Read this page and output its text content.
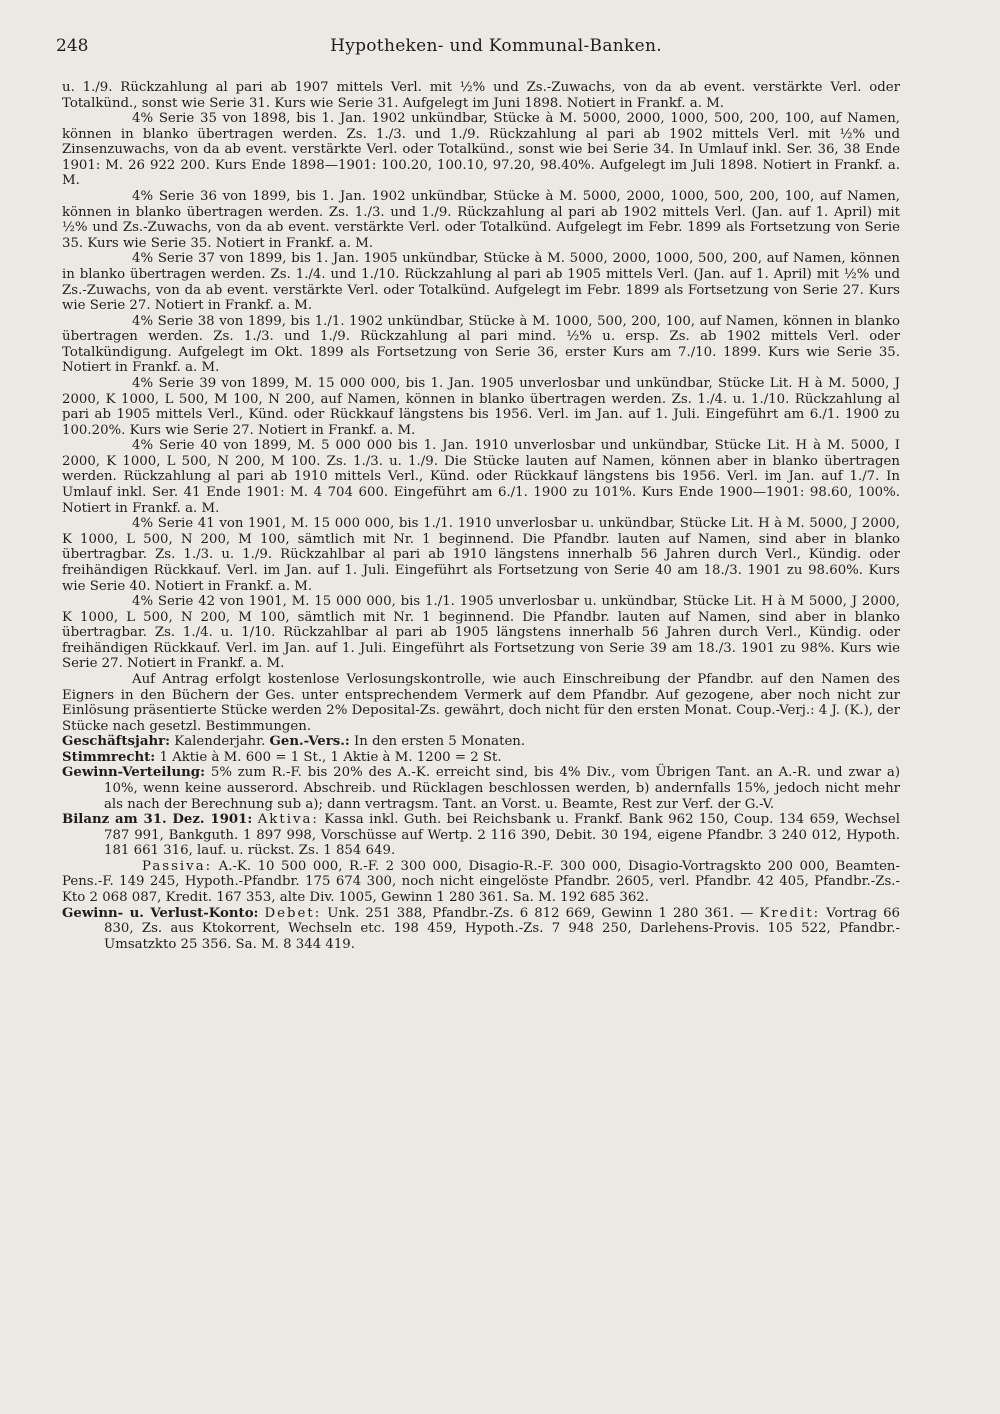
248	Hypotheken- und Kommunal-Banken.

u. 1./9. Rückzahlung al pari ab 1907 mittels Verl. mit ½% und Zs.-Zuwachs, von da ab event. verstärkte Verl. oder Totalkünd., sonst wie Serie 31. Kurs wie Serie 31. Aufgelegt im Juni 1898. Notiert in Frankf. a. M.

4% Serie 35 von 1898, bis 1. Jan. 1902 unkündbar, Stücke à M. 5000, 2000, 1000, 500, 200, 100, auf Namen, können in blanko übertragen werden. Zs. 1./3. und 1./9. Rückzahlung al pari ab 1902 mittels Verl. mit ½% und Zinsenzuwachs, von da ab event. verstärkte Verl. oder Totalkünd., sonst wie bei Serie 34. In Umlauf inkl. Ser. 36, 38 Ende 1901: M. 26 922 200. Kurs Ende 1898—1901: 100.20, 100.10, 97.20, 98.40%. Aufgelegt im Juli 1898. Notiert in Frankf. a. M.

4% Serie 36 von 1899, bis 1. Jan. 1902 unkündbar, Stücke à M. 5000, 2000, 1000, 500, 200, 100, auf Namen, können in blanko übertragen werden. Zs. 1./3. und 1./9. Rückzahlung al pari ab 1902 mittels Verl. (Jan. auf 1. April) mit ½% und Zs.-Zuwachs, von da ab event. verstärkte Verl. oder Totalkünd. Aufgelegt im Febr. 1899 als Fortsetzung von Serie 35. Kurs wie Serie 35. Notiert in Frankf. a. M.

4% Serie 37 von 1899, bis 1. Jan. 1905 unkündbar, Stücke à M. 5000, 2000, 1000, 500, 200, auf Namen, können in blanko übertragen werden. Zs. 1./4. und 1./10. Rückzahlung al pari ab 1905 mittels Verl. (Jan. auf 1. April) mit ½% und Zs.-Zuwachs, von da ab event. verstärkte Verl. oder Totalkünd. Aufgelegt im Febr. 1899 als Fortsetzung von Serie 27. Kurs wie Serie 27. Notiert in Frankf. a. M.

4% Serie 38 von 1899, bis 1./1. 1902 unkündbar, Stücke à M. 1000, 500, 200, 100, auf Namen, können in blanko übertragen werden. Zs. 1./3. und 1./9. Rückzahlung al pari mind. ½% u. ersp. Zs. ab 1902 mittels Verl. oder Totalkündigung. Aufgelegt im Okt. 1899 als Fortsetzung von Serie 36, erster Kurs am 7./10. 1899. Kurs wie Serie 35. Notiert in Frankf. a. M.

4% Serie 39 von 1899, M. 15 000 000, bis 1. Jan. 1905 unverlosbar und unkündbar, Stücke Lit. H à M. 5000, J 2000, K 1000, L 500, M 100, N 200, auf Namen, können in blanko übertragen werden. Zs. 1./4. u. 1./10. Rückzahlung al pari ab 1905 mittels Verl., Künd. oder Rückkauf längstens bis 1956. Verl. im Jan. auf 1. Juli. Eingeführt am 6./1. 1900 zu 100.20%. Kurs wie Serie 27. Notiert in Frankf. a. M.

4% Serie 40 von 1899, M. 5 000 000 bis 1. Jan. 1910 unverlosbar und unkündbar, Stücke Lit. H à M. 5000, I 2000, K 1000, L 500, N 200, M 100. Zs. 1./3. u. 1./9. Die Stücke lauten auf Namen, können aber in blanko übertragen werden. Rückzahlung al pari ab 1910 mittels Verl., Künd. oder Rückkauf längstens bis 1956. Verl. im Jan. auf 1./7. In Umlauf inkl. Ser. 41 Ende 1901: M. 4 704 600. Eingeführt am 6./1. 1900 zu 101%. Kurs Ende 1900—1901: 98.60, 100%. Notiert in Frankf. a. M.

4% Serie 41 von 1901, M. 15 000 000, bis 1./1. 1910 unverlosbar u. unkündbar, Stücke Lit. H à M. 5000, J 2000, K 1000, L 500, N 200, M 100, sämtlich mit Nr. 1 beginnend. Die Pfandbr. lauten auf Namen, sind aber in blanko übertragbar. Zs. 1./3. u. 1./9. Rückzahlbar al pari ab 1910 längstens innerhalb 56 Jahren durch Verl., Kündig. oder freihändigen Rückkauf. Verl. im Jan. auf 1. Juli. Eingeführt als Fortsetzung von Serie 40 am 18./3. 1901 zu 98.60%. Kurs wie Serie 40. Notiert in Frankf. a. M.

4% Serie 42 von 1901, M. 15 000 000, bis 1./1. 1905 unverlosbar u. unkündbar, Stücke Lit. H à M 5000, J 2000, K 1000, L 500, N 200, M 100, sämtlich mit Nr. 1 beginnend. Die Pfandbr. lauten auf Namen, sind aber in blanko übertragbar. Zs. 1./4. u. 1/10. Rückzahlbar al pari ab 1905 längstens innerhalb 56 Jahren durch Verl., Kündig. oder freihändigen Rückkauf. Verl. im Jan. auf 1. Juli. Eingeführt als Fortsetzung von Serie 39 am 18./3. 1901 zu 98%. Kurs wie Serie 27. Notiert in Frankf. a. M.

Auf Antrag erfolgt kostenlose Verlosungskontrolle, wie auch Einschreibung der Pfandbr. auf den Namen des Eigners in den Büchern der Ges. unter entsprechendem Vermerk auf dem Pfandbr. Auf gezogene, aber noch nicht zur Einlösung präsentierte Stücke werden 2% Deposital-Zs. gewährt, doch nicht für den ersten Monat. Coup.-Verj.: 4 J. (K.), der Stücke nach gesetzl. Bestimmungen.

Geschäftsjahr: Kalenderjahr. Gen.-Vers.: In den ersten 5 Monaten.

Stimmrecht: 1 Aktie à M. 600 = 1 St., 1 Aktie à M. 1200 = 2 St.

Gewinn-Verteilung: 5% zum R.-F. bis 20% des A.-K. erreicht sind, bis 4% Div., vom Übrigen Tant. an A.-R. und zwar a) 10%, wenn keine ausserord. Abschreib. und Rücklagen beschlossen werden, b) andernfalls 15%, jedoch nicht mehr als nach der Berechnung sub a); dann vertragsm. Tant. an Vorst. u. Beamte, Rest zur Verf. der G.-V.

Bilanz am 31. Dez. 1901: Aktiva: Kassa inkl. Guth. bei Reichsbank u. Frankf. Bank 962 150, Coup. 134 659, Wechsel 787 991, Bankguth. 1 897 998, Vorschüsse auf Wertp. 2 116 390, Debit. 30 194, eigene Pfandbr. 3 240 012, Hypoth. 181 661 316, lauf. u. rückst. Zs. 1 854 649.

Passiva: A.-K. 10 500 000, R.-F. 2 300 000, Disagio-R.-F. 300 000, Disagio-Vortragskto 200 000, Beamten-Pens.-F. 149 245, Hypoth.-Pfandbr. 175 674 300, noch nicht eingelöste Pfandbr. 2605, verl. Pfandbr. 42 405, Pfandbr.-Zs.-Kto 2 068 087, Kredit. 167 353, alte Div. 1005, Gewinn 1 280 361. Sa. M. 192 685 362.

Gewinn- u. Verlust-Konto: Debet: Unk. 251 388, Pfandbr.-Zs. 6 812 669, Gewinn 1 280 361. — Kredit: Vortrag 66 830, Zs. aus Ktokorrent, Wechseln etc. 198 459, Hypoth.-Zs. 7 948 250, Darlehens-Provis. 105 522, Pfandbr.-Umsatzkto 25 356. Sa. M. 8 344 419.
